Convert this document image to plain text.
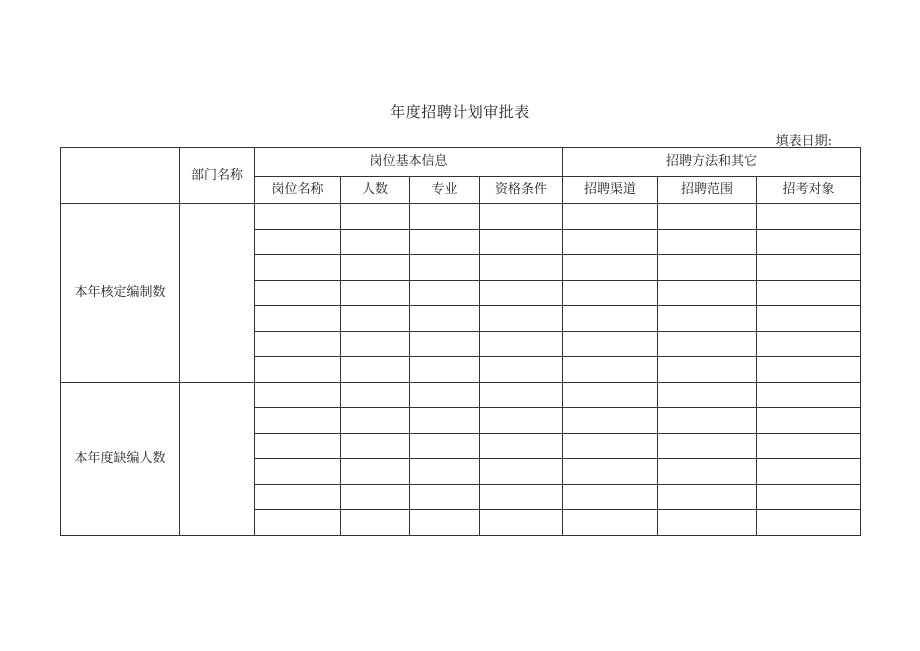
年度招聘计划审批表
填表日期:
	部门名称	岗位基本信息				招聘方法和其它		
		岗位名称	人数	专业	资格条件	招聘渠道	招聘范围	招考对象
本年核定编制数								

本年度缺编人数								
